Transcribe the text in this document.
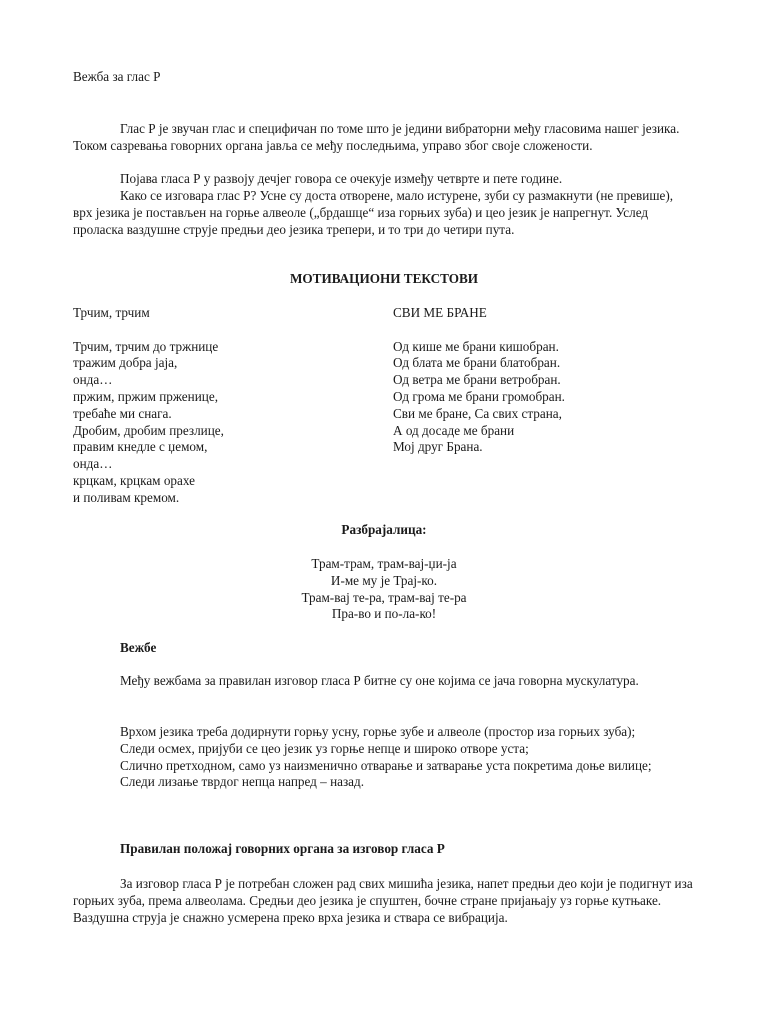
Вежба за глас Р

Глас Р је звучан глас и специфичан по томе што је једини вибраторни међу гласовима нашег језика. Током сазревања говорних органа јавља се међу последњима, управо због своје сложености.

Појава гласа Р у развоју дечјег говора се очекује између четврте и пете године.

Како се изговара глас Р? Усне су доста отворене, мало истурене, зуби су размакнути (не превише), врх језика је постављен на горње алвеоле („брдашце“ иза горњих зуба) и цео језик је напрегнут. Услед проласка ваздушне струје предњи део језика трепери, и то три до четири пута.

МОТИВАЦИОНИ ТЕКСТОВИ

Трчим, трчим
Трчим, трчим до тржнице
тражим добра јаја,
онда…
пржим, пржим прженице,
требаће ми снага.
Дробим, дробим презлице,
правим кнедле с џемом,
онда…
крцкам, крцкам орахе
и поливам кремом.
СВИ МЕ БРАНЕ
Од кише ме брани кишобран.
Од блата ме брани блатобран.
Од ветра ме брани ветробран.
Од грома ме брани громобран.
Сви ме бране, Са свих страна,
А од досаде ме брани
Мој друг Брана.

Разбрајалица:

Трам-трам, трам-вај-џи-ја
И-ме му је Трај-ко.
Трам-вај те-ра, трам-вај те-ра
Пра-во и по-ла-ко!

Вежбе

Међу вежбама за правилан изговор гласа Р битне су оне којима се јача говорна мускулатура.

Врхом језика треба додирнути горњу усну, горње зубе и алвеоле (простор иза горњих зуба);

Следи осмех, пријуби се цео језик уз горње непце и широко отворе уста;

Слично претходном, само уз наизменично отварање и затварање уста покретима доње вилице;

Следи лизање тврдог непца напред – назад.

Правилан положај говорних органа за изговор гласа Р

За изговор гласа Р је потребан сложен рад свих мишића језика, напет предњи део који је подигнут иза горњих зуба, према алвеолама. Средњи део језика је спуштен, бочне стране пријањају уз горње кутњаке. Ваздушна струја је снажно усмерена преко врха језика и ствара се вибрација.
